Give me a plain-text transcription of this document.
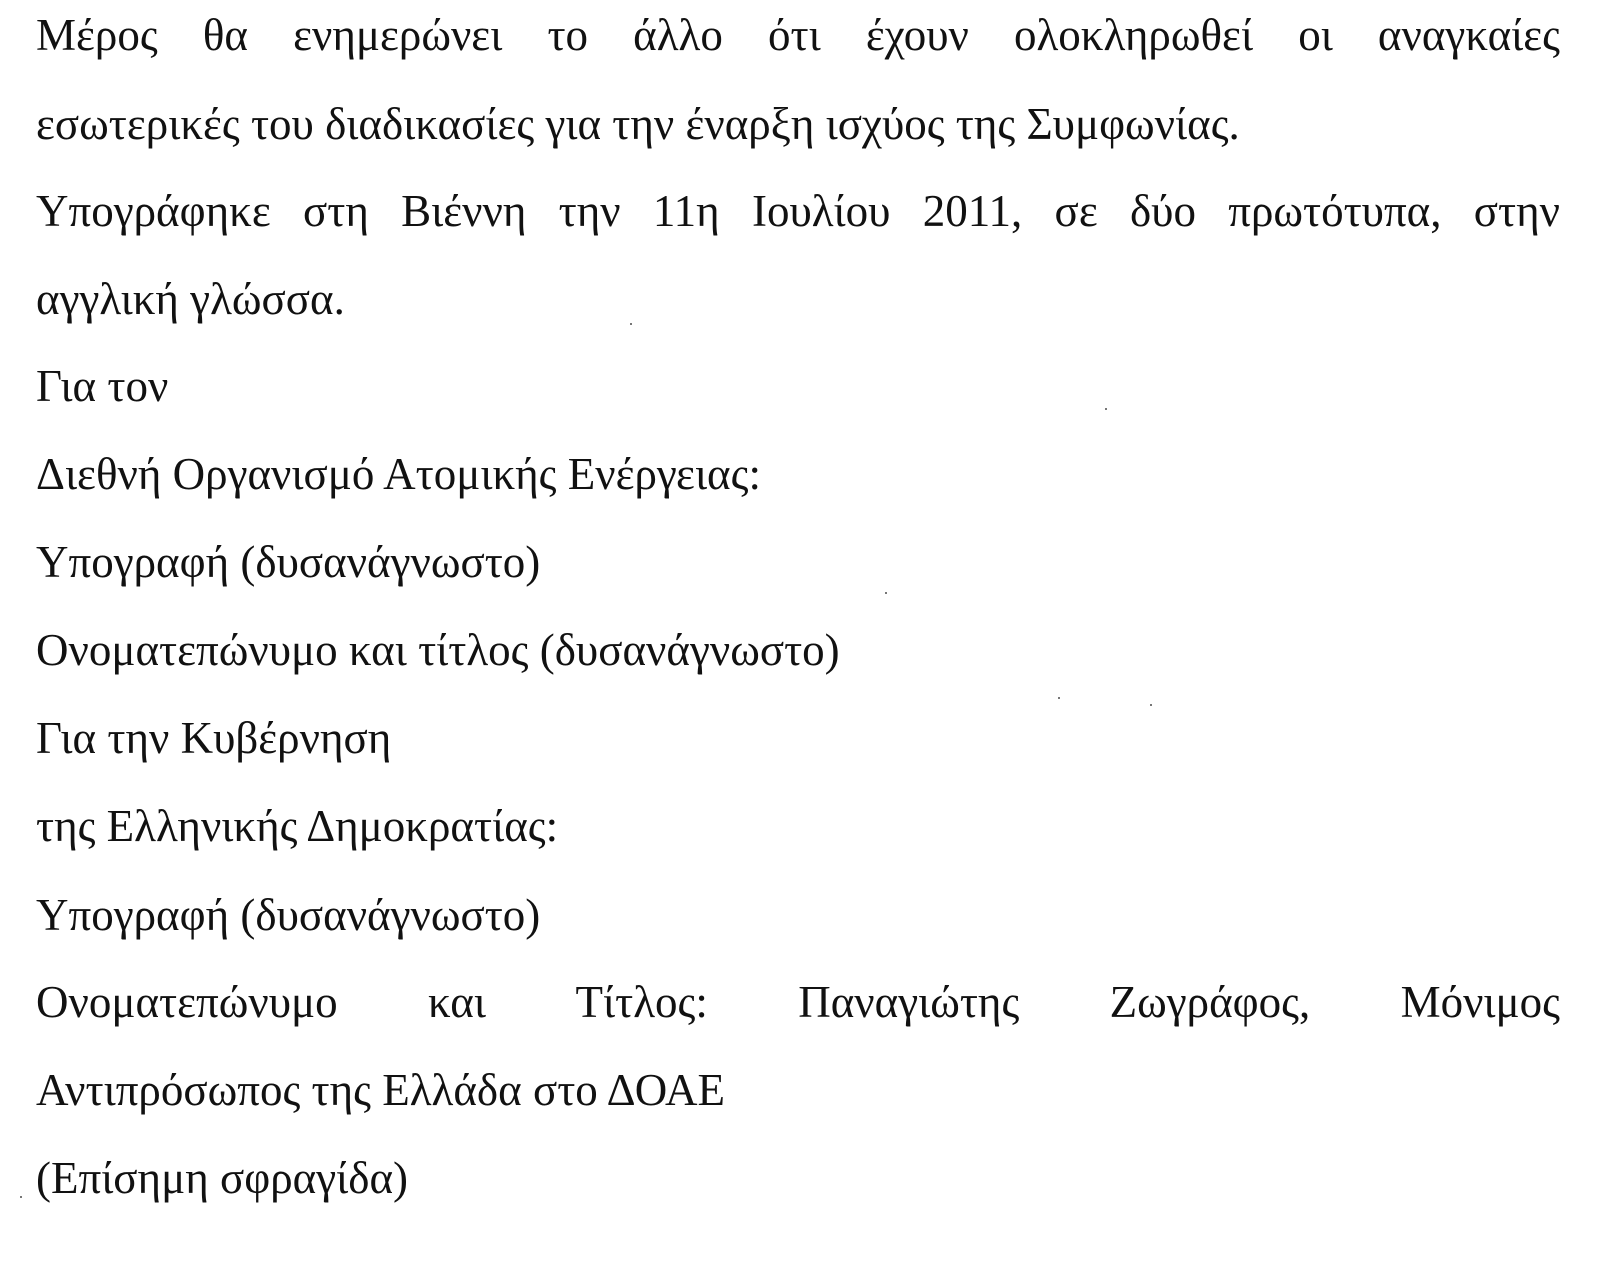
Μέρος θα ενημερώνει το άλλο ότι έχουν ολοκληρωθεί οι αναγκαίες
εσωτερικές του διαδικασίες για την έναρξη ισχύος της Συμφωνίας.
Υπογράφηκε στη Βιέννη την 11η Ιουλίου 2011, σε δύο πρωτότυπα, στην
αγγλική γλώσσα.
Για τον
Διεθνή Οργανισμό Ατομικής Ενέργειας:
Υπογραφή (δυσανάγνωστο)
Ονοματεπώνυμο και τίτλος (δυσανάγνωστο)
Για την Κυβέρνηση
της Ελληνικής Δημοκρατίας:
Υπογραφή (δυσανάγνωστο)
Ονοματεπώνυμο και Τίτλος: Παναγιώτης Ζωγράφος, Μόνιμος
Αντιπρόσωπος της Ελλάδα στο ΔΟΑΕ
(Επίσημη σφραγίδα)
